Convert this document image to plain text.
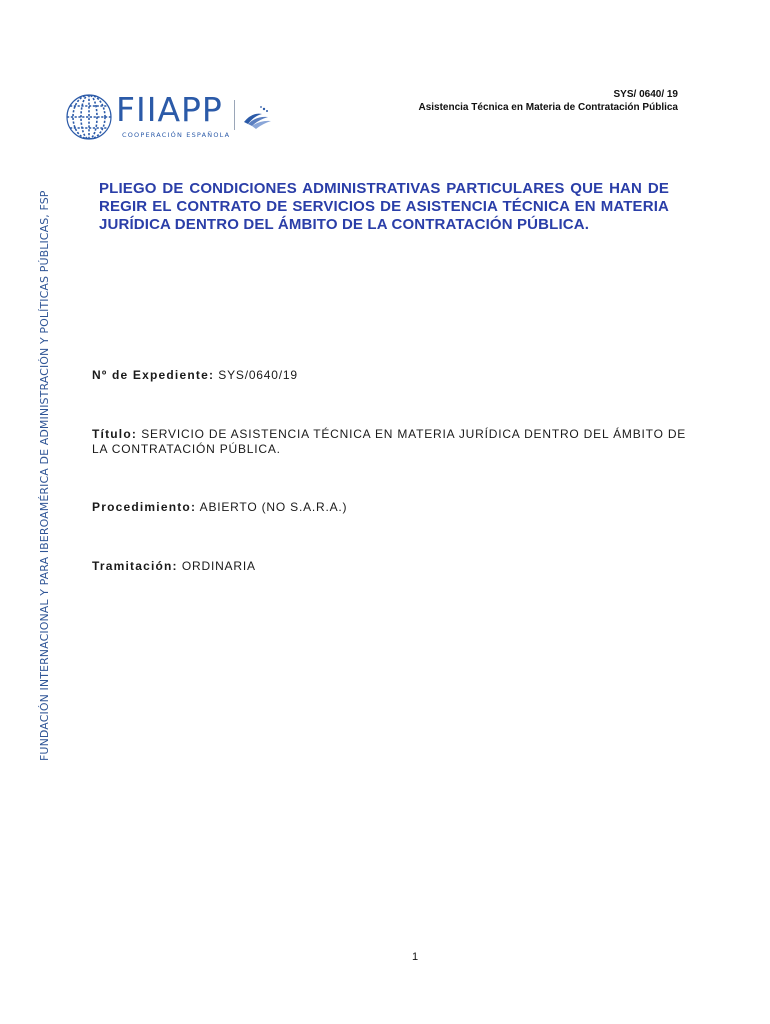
FUNDACIÓN INTERNACIONAL Y PARA IBEROAMÉRICA DE ADMINISTRACIÓN Y POLÍTICAS PÚBLICAS, FSP
FIIAPP
COOPERACIÓN ESPAÑOLA
SYS/ 0640/ 19
Asistencia Técnica en Materia de Contratación Pública
PLIEGO DE CONDICIONES ADMINISTRATIVAS PARTICULARES QUE HAN DE REGIR EL CONTRATO DE SERVICIOS DE ASISTENCIA TÉCNICA EN MATERIA JURÍDICA DENTRO DEL ÁMBITO DE LA CONTRATACIÓN PÚBLICA.
Nº de Expediente: SYS/0640/19
Título: SERVICIO DE ASISTENCIA TÉCNICA EN MATERIA JURÍDICA DENTRO DEL ÁMBITO DE LA CONTRATACIÓN PÚBLICA.
Procedimiento: ABIERTO (NO S.A.R.A.)
Tramitación: ORDINARIA
1
